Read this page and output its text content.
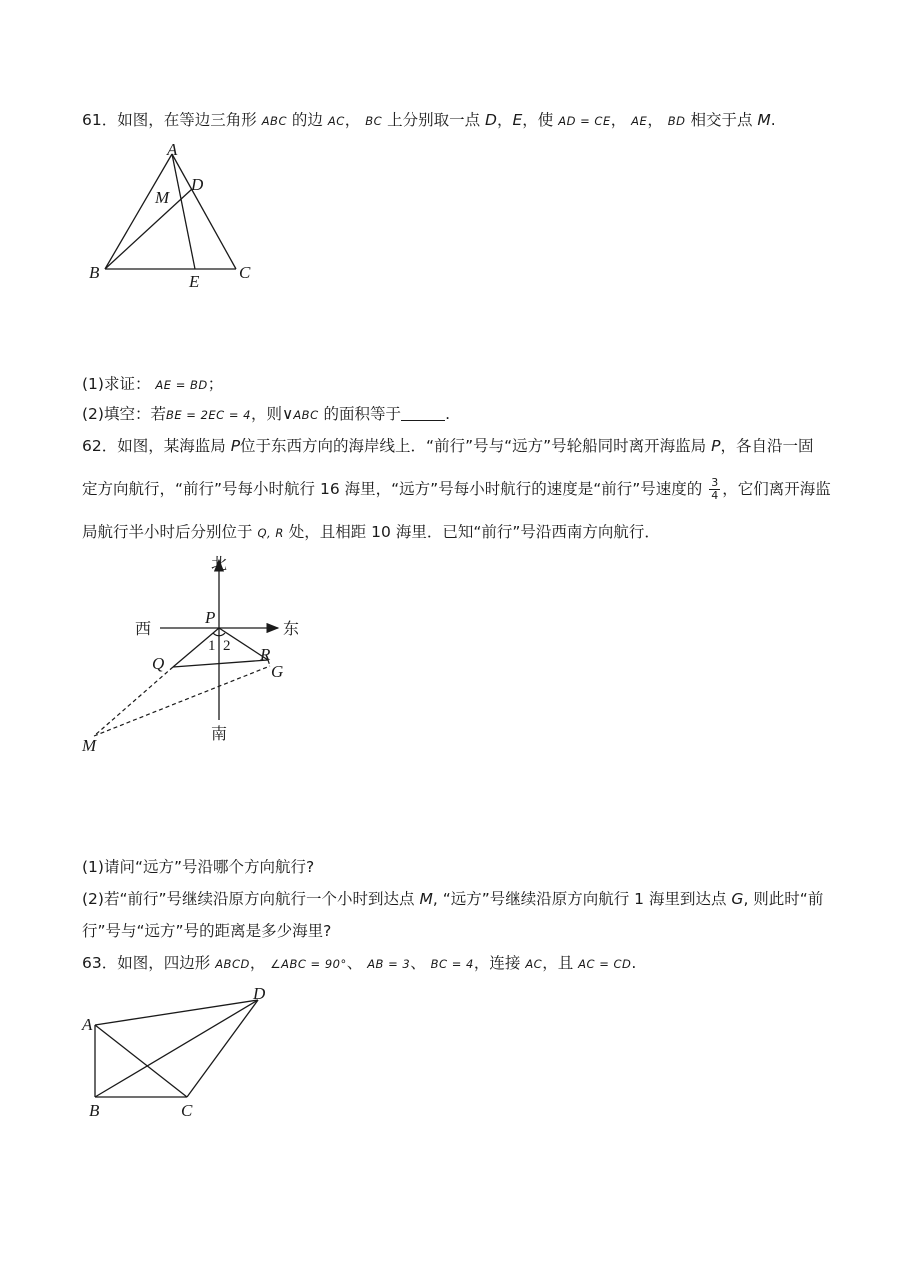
61．如图，在等边三角形 ABC 的边 AC， BC 上分别取一点 D，E，使 AD = CE， AE， BD 相交于点 M.
A
B	C
D
E
M
(1)求证： AE = BD；
(2)填空：若BE = 2EC = 4，则∨ABC 的面积等于	.
62．如图，某海监局 P位于东西方向的海岸线上．“前行”号与“远方”号轮船同时离开海监局 P，各自沿一固
定方向航行，“前行”号每小时航行 16 海里，“远方”号每小时航行的速度是“前行”号速度的 $\frac{3}{4}$ ，它们离开海监
局航行半小时后分别位于 Q, R 处，且相距 10 海里．已知“前行”号沿西南方向航行．
北
南
西	东
P
Q	R
G
M
1 2
(1)请问“远方”号沿哪个方向航行?
(2)若“前行”号继续沿原方向航行一个小时到达点 M, “远方”号继续沿原方向航行 1 海里到达点 G, 则此时“前
行”号与“远方”号的距离是多少海里?
63．如图，四边形 ABCD， ∠ABC = 90°、 AB = 3、 BC = 4，连接 AC，且 AC = CD.
A
B	C
D
